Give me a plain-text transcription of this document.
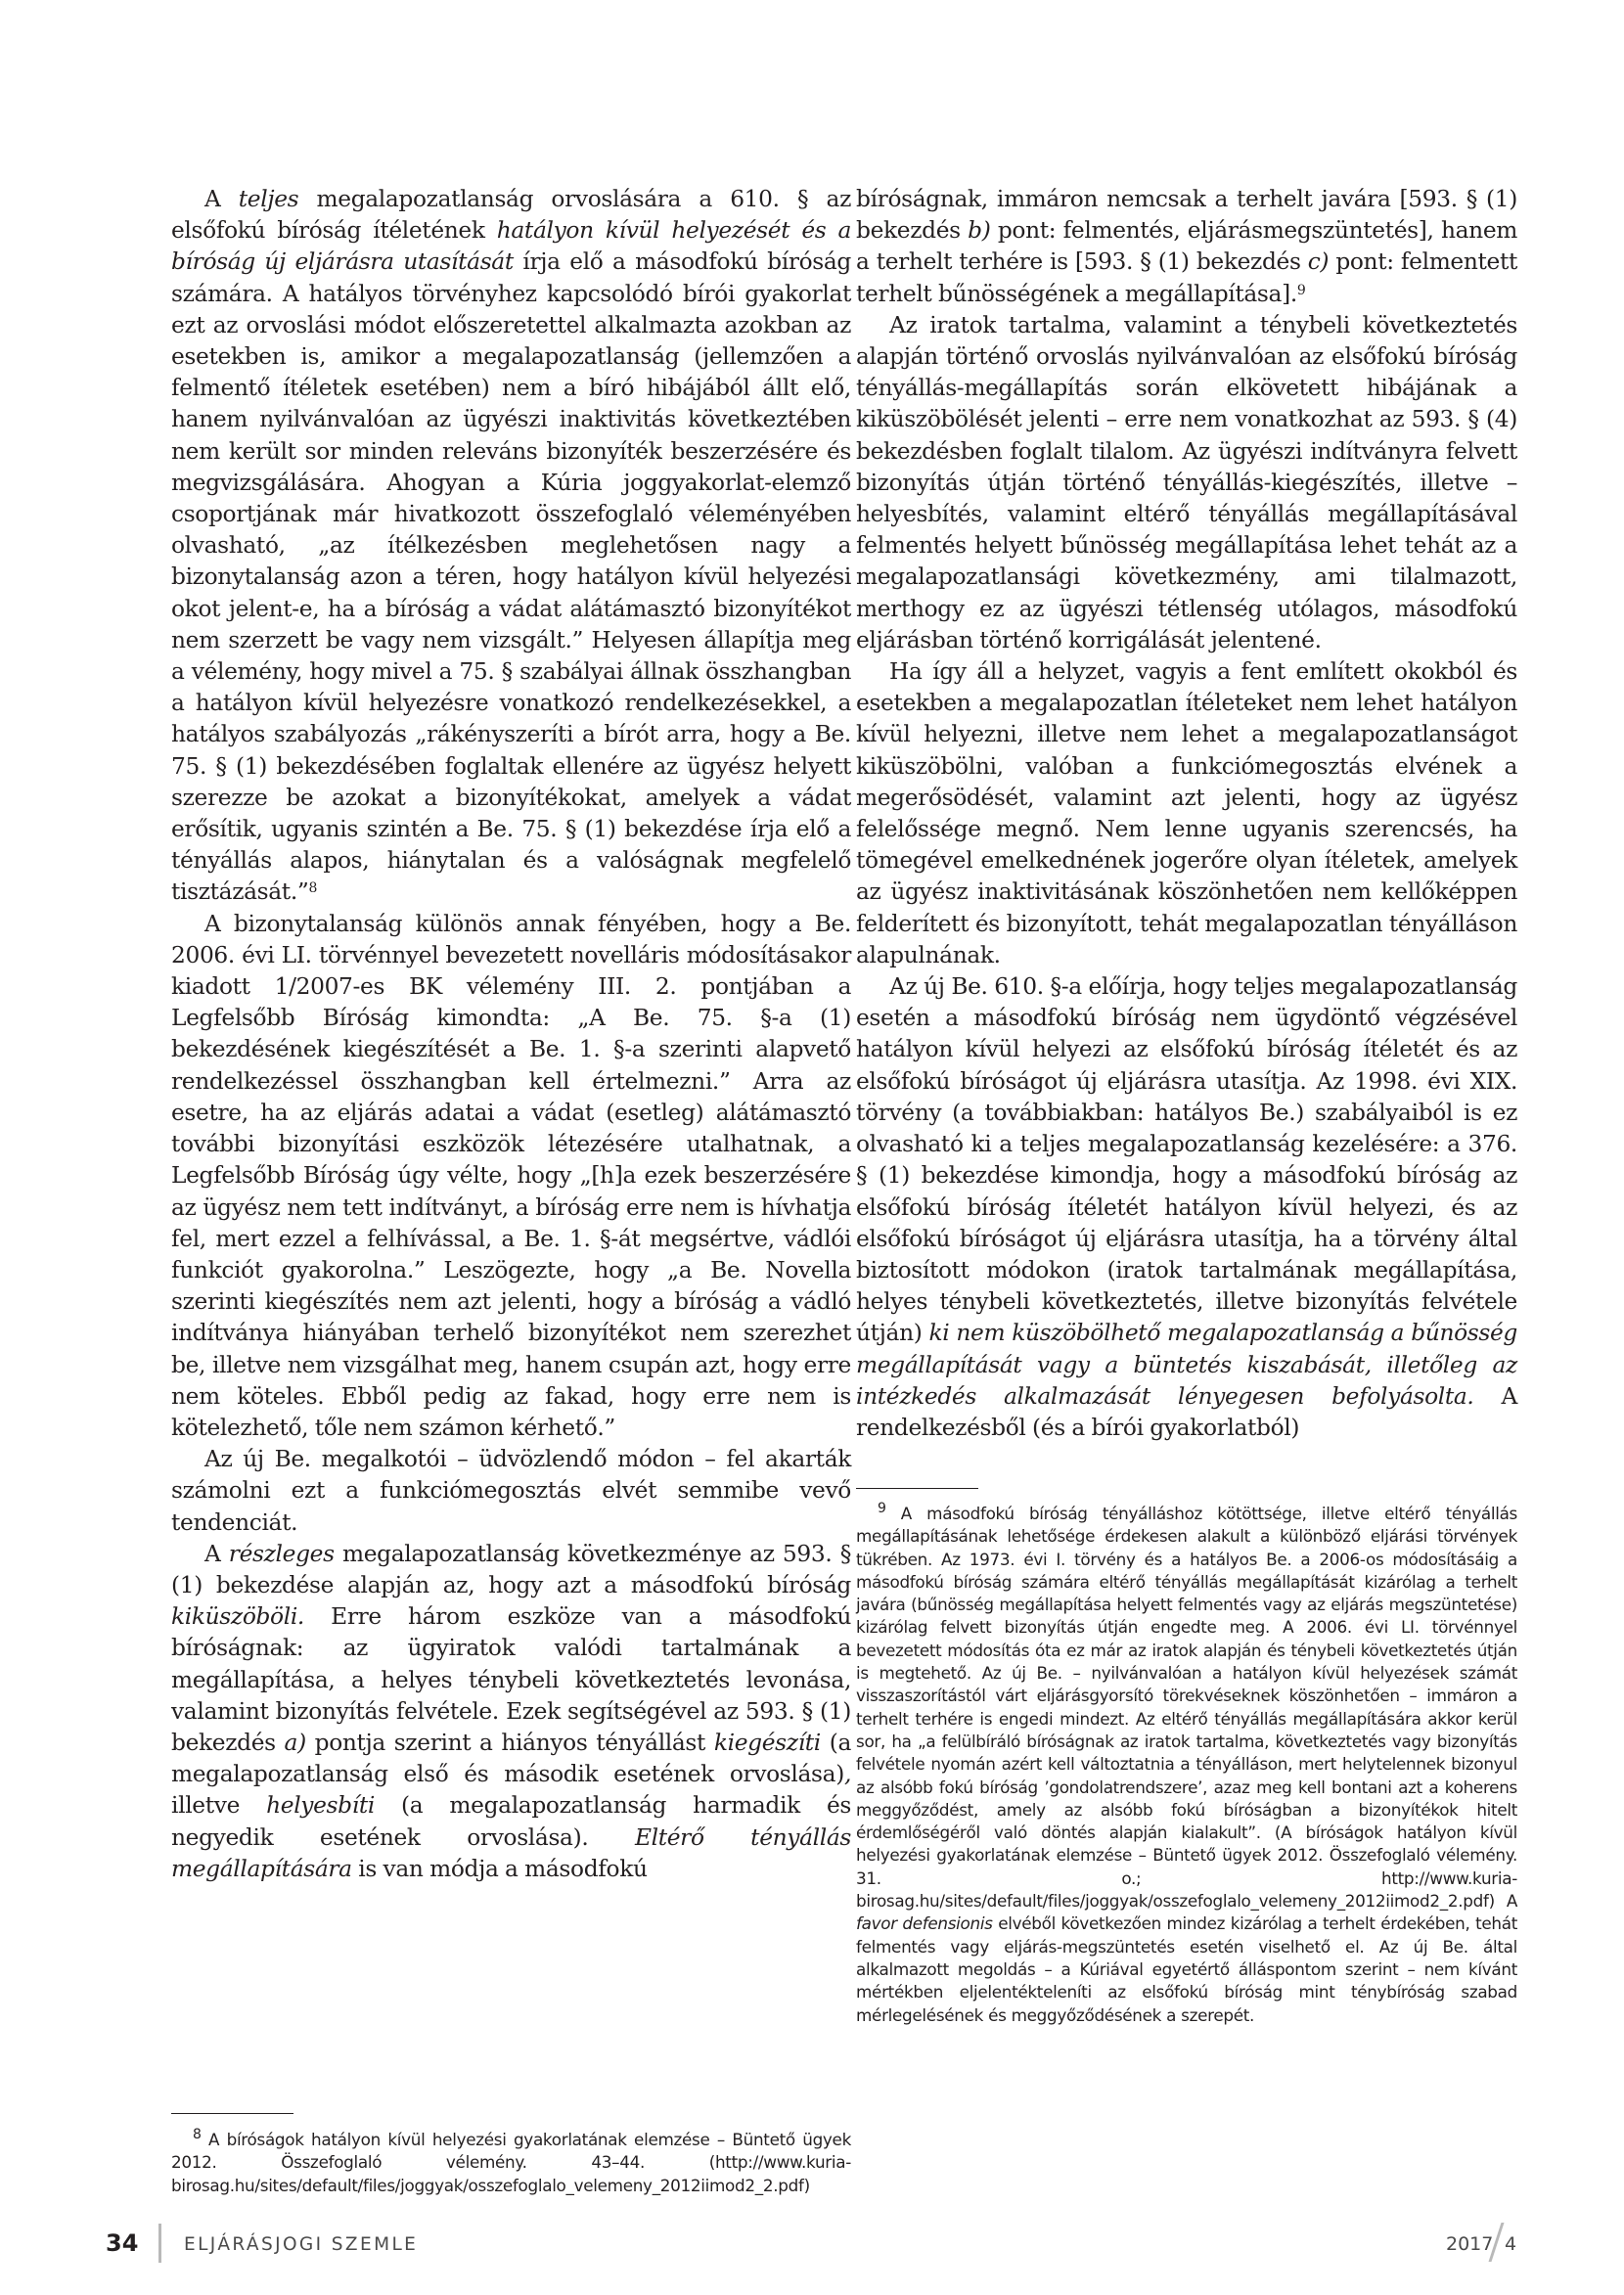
A teljes megalapozatlanság orvoslására a 610. § az elsőfokú bíróság ítéletének hatályon kívül helyezését és a bíróság új eljárásra utasítását írja elő a másodfokú bíróság számára. A hatályos törvényhez kapcsolódó bírói gyakorlat ezt az orvoslási módot előszeretettel alkalmazta azokban az esetekben is, amikor a megalapozatlanság (jellemzően a felmentő ítéletek esetében) nem a bíró hibájából állt elő, hanem nyilvánvalóan az ügyészi inaktivitás következtében nem került sor minden releváns bizonyíték beszerzésére és megvizsgálására. Ahogyan a Kúria joggyakorlat-elemző csoportjának már hivatkozott összefoglaló véleményében olvasható, „az ítélkezésben meglehetősen nagy a bizonytalanság azon a téren, hogy hatályon kívül helyezési okot jelent-e, ha a bíróság a vádat alátámasztó bizonyítékot nem szerzett be vagy nem vizsgált.” Helyesen állapítja meg a vélemény, hogy mivel a 75. § szabályai állnak összhangban a hatályon kívül helyezésre vonatkozó rendelkezésekkel, a hatályos szabályozás „rákényszeríti a bírót arra, hogy a Be. 75. § (1) bekezdésében foglaltak ellenére az ügyész helyett szerezze be azokat a bizonyítékokat, amelyek a vádat erősítik, ugyanis szintén a Be. 75. § (1) bekezdése írja elő a tényállás alapos, hiánytalan és a valóságnak megfelelő tisztázását.”$^8$

A bizonytalanság különös annak fényében, hogy a Be. 2006. évi LI. törvénnyel bevezetett novelláris módosításakor kiadott 1/2007-es BK vélemény III. 2. pontjában a Legfelsőbb Bíróság kimondta: „A Be. 75. §-a (1) bekezdésének kiegészítését a Be. 1. §-a szerinti alapvető rendelkezéssel összhangban kell értelmezni.” Arra az esetre, ha az eljárás adatai a vádat (esetleg) alátámasztó további bizonyítási eszközök létezésére utalhatnak, a Legfelsőbb Bíróság úgy vélte, hogy „[h]a ezek beszerzésére az ügyész nem tett indítványt, a bíróság erre nem is hívhatja fel, mert ezzel a felhívással, a Be. 1. §-át megsértve, vádlói funkciót gyakorolna.” Leszögezte, hogy „a Be. Novella szerinti kiegészítés nem azt jelenti, hogy a bíróság a vádló indítványa hiányában terhelő bizonyítékot nem szerezhet be, illetve nem vizsgálhat meg, hanem csupán azt, hogy erre nem köteles. Ebből pedig az fakad, hogy erre nem is kötelezhető, tőle nem számon kérhető.”

Az új Be. megalkotói – üdvözlendő módon – fel akarták számolni ezt a funkciómegosztás elvét semmibe vevő tendenciát.

A részleges megalapozatlanság következménye az 593. § (1) bekezdése alapján az, hogy azt a másodfokú bíróság kiküszöböli. Erre három eszköze van a másodfokú bíróságnak: az ügyiratok valódi tartalmának a megállapítása, a helyes ténybeli következtetés levonása, valamint bizonyítás felvétele. Ezek segítségével az 593. § (1) bekezdés a) pontja szerint a hiányos tényállást kiegészíti (a megalapozatlanság első és második esetének orvoslása), illetve helyesbíti (a megalapozatlanság harmadik és negyedik esetének orvoslása). Eltérő tényállás megállapítására is van módja a másodfokú

bíróságnak, immáron nemcsak a terhelt javára [593. § (1) bekezdés b) pont: felmentés, eljárásmegszüntetés], hanem a terhelt terhére is [593. § (1) bekezdés c) pont: felmentett terhelt bűnösségének a megállapítása].$^9$

Az iratok tartalma, valamint a ténybeli következtetés alapján történő orvoslás nyilvánvalóan az elsőfokú bíróság tényállás-megállapítás során elkövetett hibájának a kiküszöbölését jelenti – erre nem vonatkozhat az 593. § (4) bekezdésben foglalt tilalom. Az ügyészi indítványra felvett bizonyítás útján történő tényállás-kiegészítés, illetve – helyesbítés, valamint eltérő tényállás megállapításával felmentés helyett bűnösség megállapítása lehet tehát az a megalapozatlansági következmény, ami tilalmazott, merthogy ez az ügyészi tétlenség utólagos, másodfokú eljárásban történő korrigálását jelentené.

Ha így áll a helyzet, vagyis a fent említett okokból és esetekben a megalapozatlan ítéleteket nem lehet hatályon kívül helyezni, illetve nem lehet a megalapozatlanságot kiküszöbölni, valóban a funkciómegosztás elvének a megerősödését, valamint azt jelenti, hogy az ügyész felelőssége megnő. Nem lenne ugyanis szerencsés, ha tömegével emelkednének jogerőre olyan ítéletek, amelyek az ügyész inaktivitásának köszönhetően nem kellőképpen felderített és bizonyított, tehát megalapozatlan tényálláson alapulnának.

Az új Be. 610. §-a előírja, hogy teljes megalapozatlanság esetén a másodfokú bíróság nem ügydöntő végzésével hatályon kívül helyezi az elsőfokú bíróság ítéletét és az elsőfokú bíróságot új eljárásra utasítja. Az 1998. évi XIX. törvény (a továbbiakban: hatályos Be.) szabályaiból is ez olvasható ki a teljes megalapozatlanság kezelésére: a 376. § (1) bekezdése kimondja, hogy a másodfokú bíróság az elsőfokú bíróság ítéletét hatályon kívül helyezi, és az elsőfokú bíróságot új eljárásra utasítja, ha a törvény által biztosított módokon (iratok tartalmának megállapítása, helyes ténybeli következtetés, illetve bizonyítás felvétele útján) ki nem küszöbölhető megalapozatlanság a bűnösség megállapítását vagy a büntetés kiszabását, illetőleg az intézkedés alkalmazását lényegesen befolyásolta. A rendelkezésből (és a bírói gyakorlatból)

$^8$ A bíróságok hatályon kívül helyezési gyakorlatának elemzése – Büntető ügyek 2012. Összefoglaló vélemény. 43–44. (http://www.kuria-birosag.hu/sites/default/files/joggyak/osszefoglalo_velemeny_2012iimod2_2.pdf)

$^9$ A másodfokú bíróság tényálláshoz kötöttsége, illetve eltérő tényállás megállapításának lehetősége érdekesen alakult a különböző eljárási törvények tükrében. Az 1973. évi I. törvény és a hatályos Be. a 2006-os módosításáig a másodfokú bíróság számára eltérő tényállás megállapítását kizárólag a terhelt javára (bűnösség megállapítása helyett felmentés vagy az eljárás megszüntetése) kizárólag felvett bizonyítás útján engedte meg. A 2006. évi LI. törvénnyel bevezetett módosítás óta ez már az iratok alapján és ténybeli következtetés útján is megtehető. Az új Be. – nyilvánvalóan a hatályon kívül helyezések számát visszaszorítástól várt eljárásgyorsító törekvéseknek köszönhetően – immáron a terhelt terhére is engedi mindezt. Az eltérő tényállás megállapítására akkor kerül sor, ha „a felülbíráló bíróságnak az iratok tartalma, következtetés vagy bizonyítás felvétele nyomán azért kell változtatnia a tényálláson, mert helytelennek bizonyul az alsóbb fokú bíróság ’gondolatrendszere’, azaz meg kell bontani azt a koherens meggyőződést, amely az alsóbb fokú bíróságban a bizonyítékok hitelt érdemlőségéről való döntés alapján kialakult”. (A bíróságok hatályon kívül helyezési gyakorlatának elemzése – Büntető ügyek 2012. Összefoglaló vélemény. 31. o.; http://www.kuria-birosag.hu/sites/default/files/joggyak/osszefoglalo_velemeny_2012iimod2_2.pdf) A favor defensionis elvéből következően mindez kizárólag a terhelt érdekében, tehát felmentés vagy eljárás-megszüntetés esetén viselhető el. Az új Be. által alkalmazott megoldás – a Kúriával egyetértő álláspontom szerint – nem kívánt mértékben eljelentékteleníti az elsőfokú bíróság mint ténybíróság szabad mérlegelésének és meggyőződésének a szerepét.

34	ELJÁRÁSJOGI SZEMLE	2017 4
